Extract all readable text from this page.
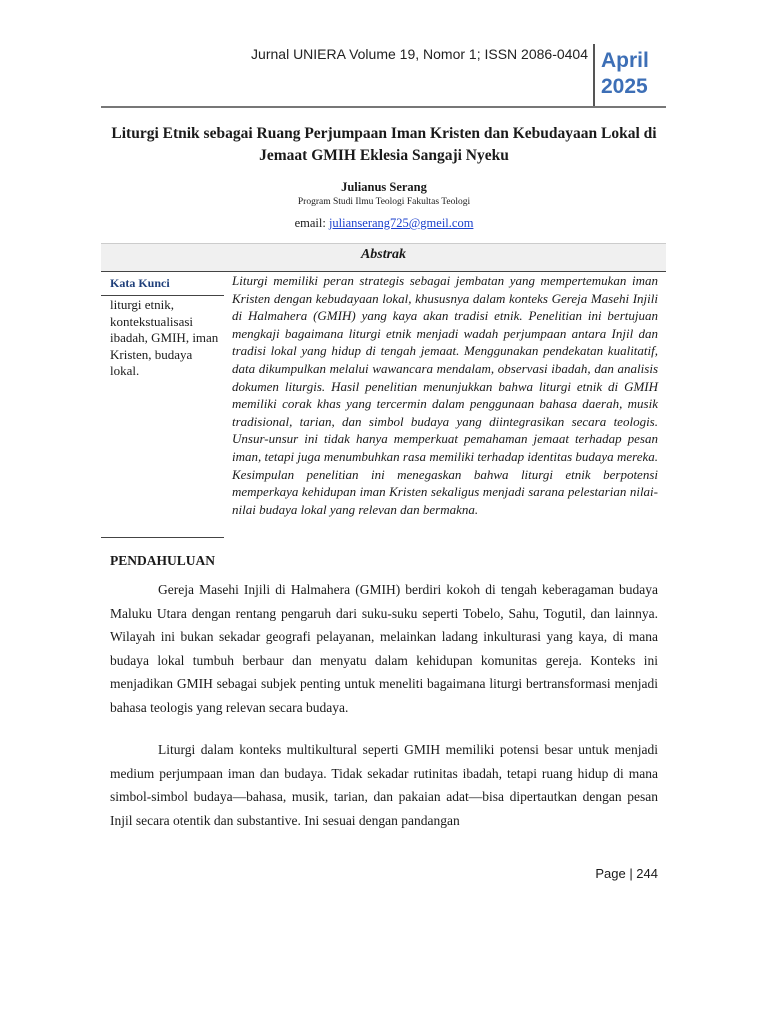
Jurnal UNIERA Volume 19, Nomor 1; ISSN 2086-0404 April
2025
Liturgi Etnik sebagai Ruang Perjumpaan Iman Kristen dan Kebudayaan Lokal di Jemaat GMIH Eklesia Sangaji Nyeku
Julianus Serang
Program Studi Ilmu Teologi Fakultas Teologi
email: julianserang725@gmeil.com
Abstrak
Kata Kunci
liturgi etnik, kontekstualisasi ibadah, GMIH, iman Kristen, budaya lokal.
Liturgi memiliki peran strategis sebagai jembatan yang mempertemukan iman Kristen dengan kebudayaan lokal, khususnya dalam konteks Gereja Masehi Injili di Halmahera (GMIH) yang kaya akan tradisi etnik. Penelitian ini bertujuan mengkaji bagaimana liturgi etnik menjadi wadah perjumpaan antara Injil dan tradisi lokal yang hidup di tengah jemaat. Menggunakan pendekatan kualitatif, data dikumpulkan melalui wawancara mendalam, observasi ibadah, dan analisis dokumen liturgis. Hasil penelitian menunjukkan bahwa liturgi etnik di GMIH memiliki corak khas yang tercermin dalam penggunaan bahasa daerah, musik tradisional, tarian, dan simbol budaya yang diintegrasikan secara teologis. Unsur-unsur ini tidak hanya memperkuat pemahaman jemaat terhadap pesan iman, tetapi juga menumbuhkan rasa memiliki terhadap identitas budaya mereka. Kesimpulan penelitian ini menegaskan bahwa liturgi etnik berpotensi memperkaya kehidupan iman Kristen sekaligus menjadi sarana pelestarian nilai-nilai budaya lokal yang relevan dan bermakna.
PENDAHULUAN
Gereja Masehi Injili di Halmahera (GMIH) berdiri kokoh di tengah keberagaman budaya Maluku Utara dengan rentang pengaruh dari suku-suku seperti Tobelo, Sahu, Togutil, dan lainnya. Wilayah ini bukan sekadar geografi pelayanan, melainkan ladang inkulturasi yang kaya, di mana budaya lokal tumbuh berbaur dan menyatu dalam kehidupan komunitas gereja. Konteks ini menjadikan GMIH sebagai subjek penting untuk meneliti bagaimana liturgi bertransformasi menjadi bahasa teologis yang relevan secara budaya.
Liturgi dalam konteks multikultural seperti GMIH memiliki potensi besar untuk menjadi medium perjumpaan iman dan budaya. Tidak sekadar rutinitas ibadah, tetapi ruang hidup di mana simbol-simbol budaya—bahasa, musik, tarian, dan pakaian adat—bisa dipertautkan dengan pesan Injil secara otentik dan substantive. Ini sesuai dengan pandangan
Page | 244
